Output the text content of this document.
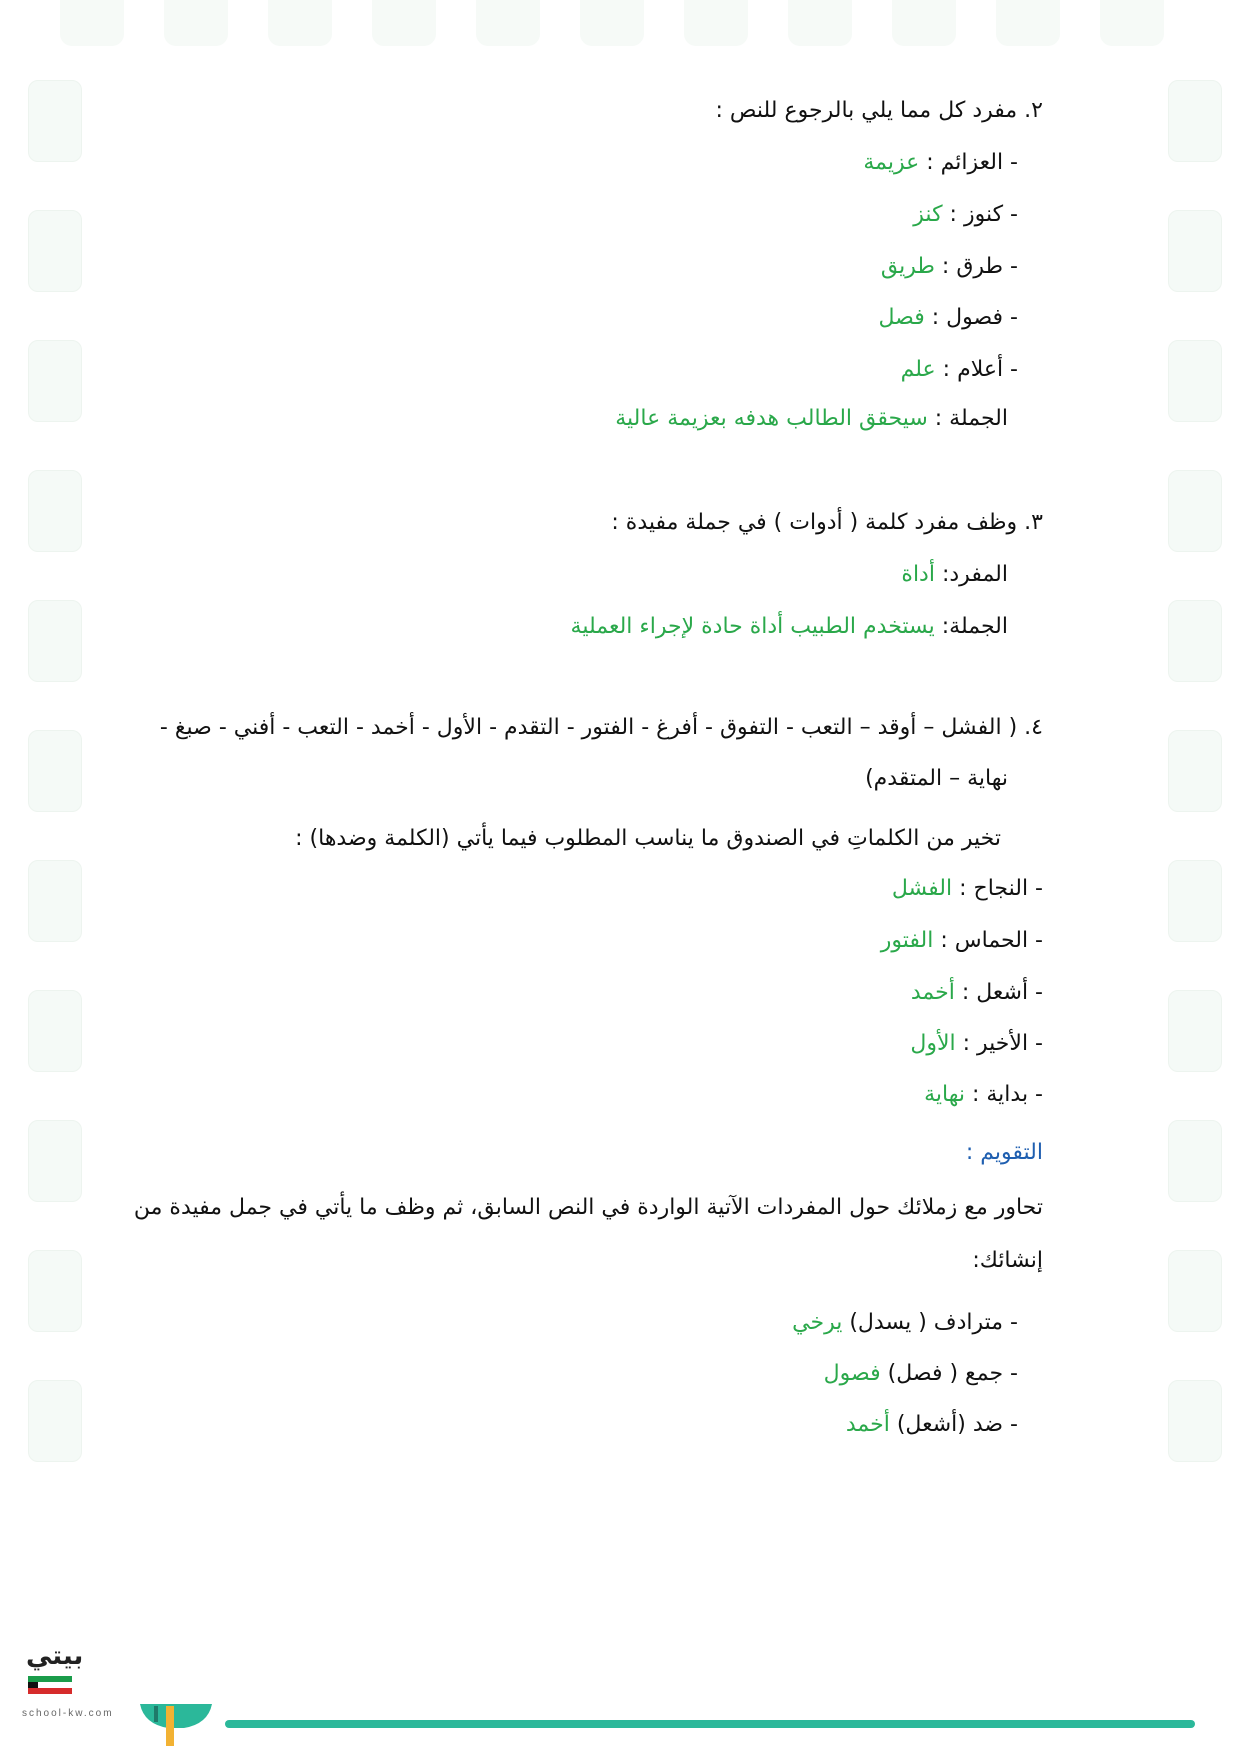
٢. مفرد كل مما يلي بالرجوع للنص :
- العزائم : عزيمة
- كنوز : كنز
- طرق : طريق
- فصول : فصل
- أعلام : علم
الجملة : سيحقق الطالب هدفه بعزيمة عالية
٣. وظف مفرد كلمة ( أدوات ) في جملة مفيدة :
المفرد: أداة
الجملة: يستخدم الطبيب أداة حادة لإجراء العملية
٤. ( الفشل – أوقد – التعب - التفوق - أفرغ - الفتور - التقدم - الأول - أخمد - التعب - أفني - صبغ -
نهاية – المتقدم)
تخير من الكلماتِ في الصندوق ما يناسب المطلوب فيما يأتي (الكلمة وضدها) :
- النجاح : الفشل
- الحماس : الفتور
- أشعل : أخمد
- الأخير : الأول
- بداية : نهاية
التقويم :
تحاور مع زملائك حول المفردات الآتية الواردة في النص السابق، ثم وظف ما يأتي في جمل مفيدة من
إنشائك:
- مترادف ( يسدل) يرخي
- جمع ( فصل) فصول
- ضد (أشعل) أخمد
بيتي
school-kw.com
